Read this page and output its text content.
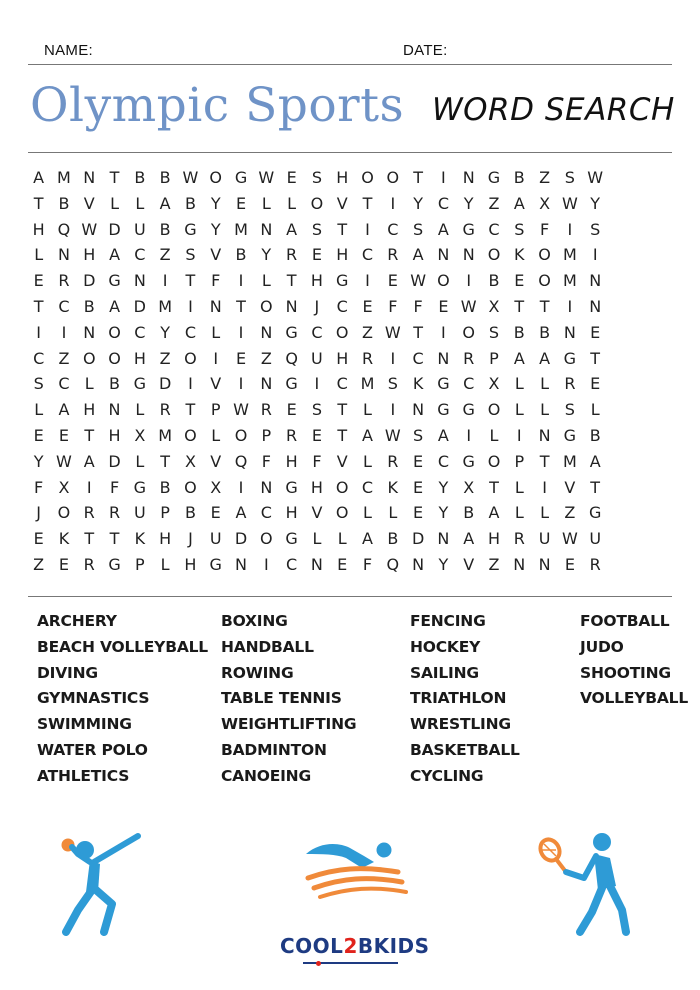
NAME:	DATE:
Olympic Sports WORD SEARCH
A M N T B B W O G W E S H O O T	I	N G B Z S W
T B V L	L A B Y E L	L O V T	I	Y C Y Z A X W Y
H Q W D U B G Y M N A S T	I	C S A G C S F	I	S
L N H A C Z S V B Y R E H C R A N N O K O M	I
E R D G N	I	T F	I	L T H G	I	E W O	I	B E O M N
T C B A D M	I	N T O N	J	C E F	F E W X T T	I	N
I	I	N O C Y C L	I	N G C O Z W T	I	O S B B N E
C Z O O H Z O	I	E Z Q U H R	I	C N R P A A G T
S C L B G D	I	V	I	N G	I	C M S K G C X L	L R E
L A H N L R T P W R E S T L	I	N G G O L	L S L
E E T H X M O L O P R E T A W S A	I	L	I	N G B
Y W A D L T X V Q F H F V L R E C G O P T M A
F X	I	F G B O X	I	N G H O C K E Y X T L	I	V T
J	O R R U P B E A C H V O L	L E Y B A L	L Z G
E K T T K H	J	U D O G L	L A B D N A H R U W U
Z E R G P	L H G N	I	C N E F Q N Y V Z N N E R
ARCHERY
BEACH VOLLEYBALL
DIVING
GYMNASTICS
SWIMMING
WATER POLO
ATHLETICS
BOXING
HANDBALL
ROWING
TABLE TENNIS
WEIGHTLIFTING
BADMINTON
CANOEING
FENCING
HOCKEY
SAILING
TRIATHLON
WRESTLING
BASKETBALL
CYCLING
FOOTBALL
JUDO
SHOOTING
VOLLEYBALL
COOL2BKIDS
